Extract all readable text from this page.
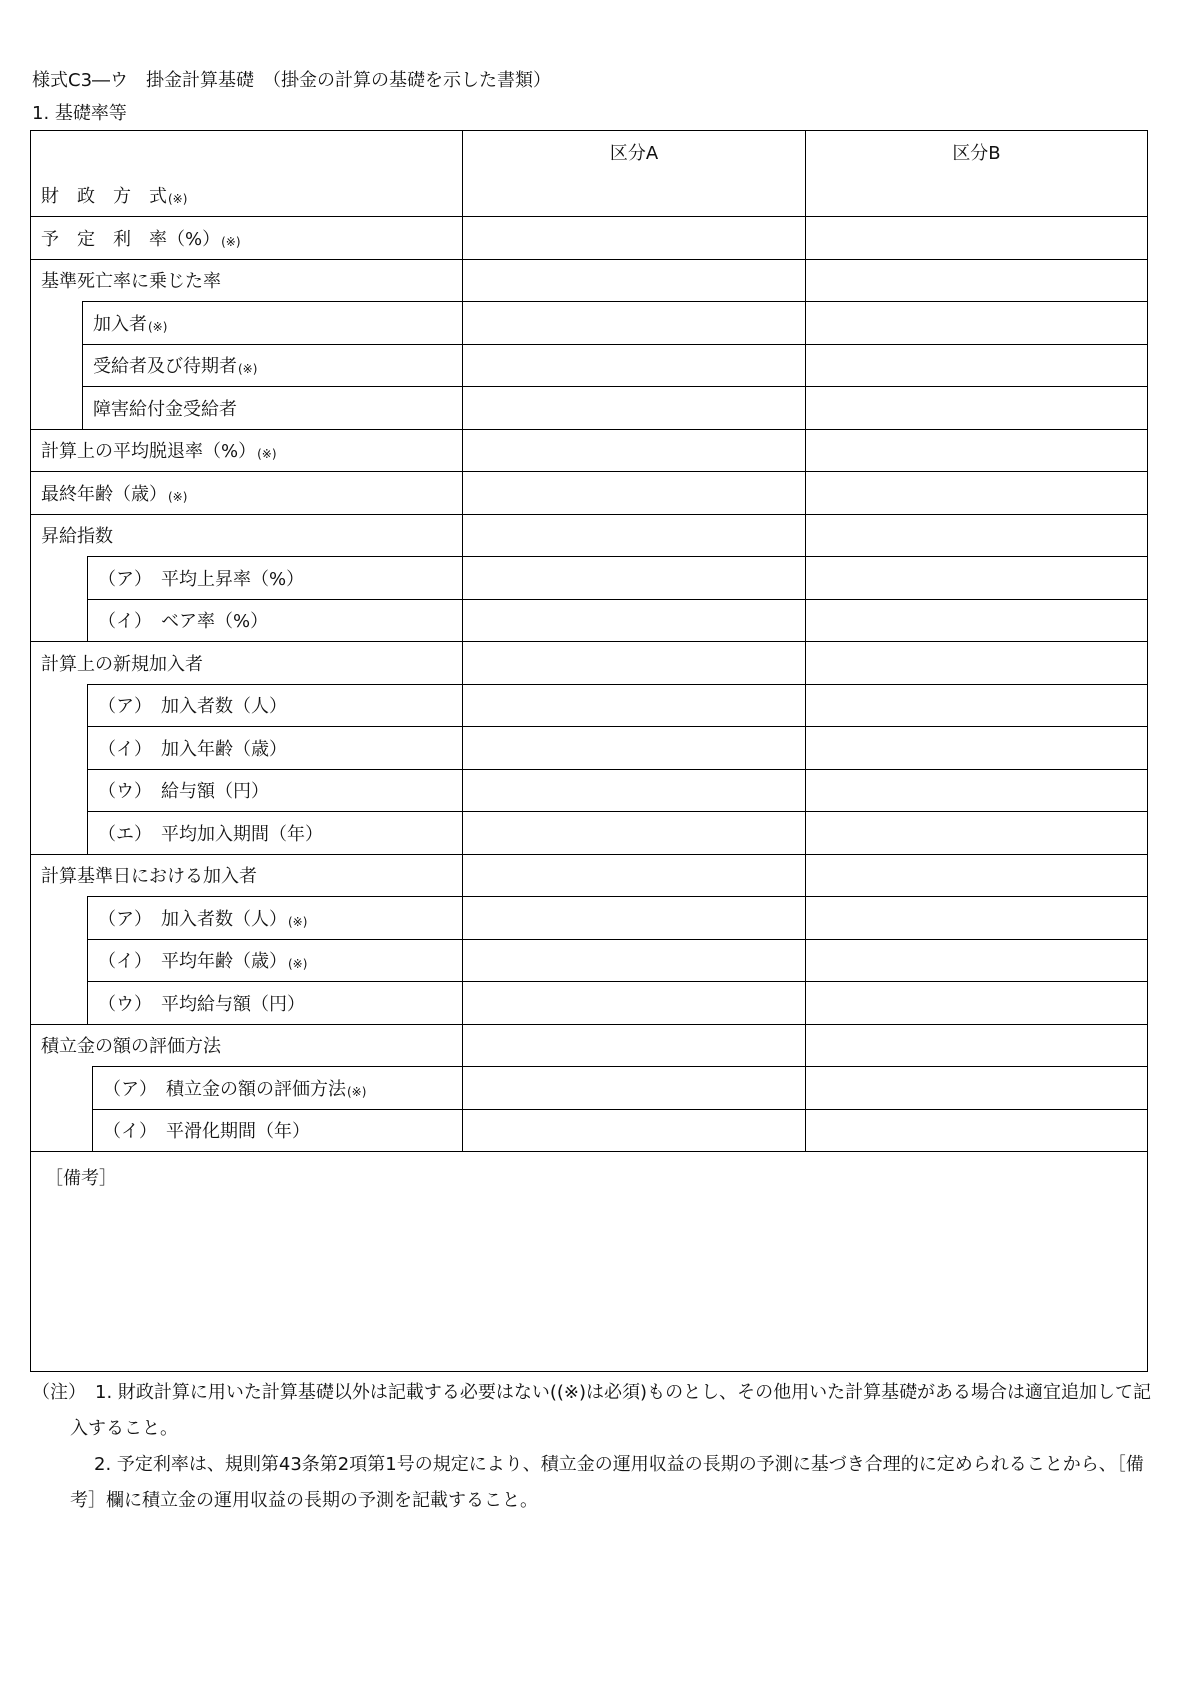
様式C3―ウ　掛金計算基礎　（掛金の計算の基礎を示した書類）
1. 基礎率等
区分A	区分B
財　政　方　式 (※)
予　定　利　率（%） (※)
基準死亡率に乗じた率
加入者 (※)
受給者及び待期者 (※)
障害給付金受給者
計算上の平均脱退率（%） (※)
最終年齢（歳） (※)
昇給指数
（ア）　平均上昇率（%）
（イ）　ベア率（%）
計算上の新規加入者
（ア）　加入者数（人）
（イ）　加入年齢（歳）
（ウ）　給与額（円）
（エ）　平均加入期間（年）
計算基準日における加入者
（ア）　加入者数（人） (※)
（イ）　平均年齢（歳） (※)
（ウ）　平均給与額（円）
積立金の額の評価方法
（ア）　積立金の額の評価方法 (※)
（イ）　平滑化期間（年）
［備考］

（注）　1. 財政計算に用いた計算基礎以外は記載する必要はない((※)は必須)ものとし、その他用いた計算基礎がある場合は適宜追加して記入すること。

2. 予定利率は、規則第43条第2項第1号の規定により、積立金の運用収益の長期の予測に基づき合理的に定められることから、［備考］欄に積立金の運用収益の長期の予測を記載すること。
